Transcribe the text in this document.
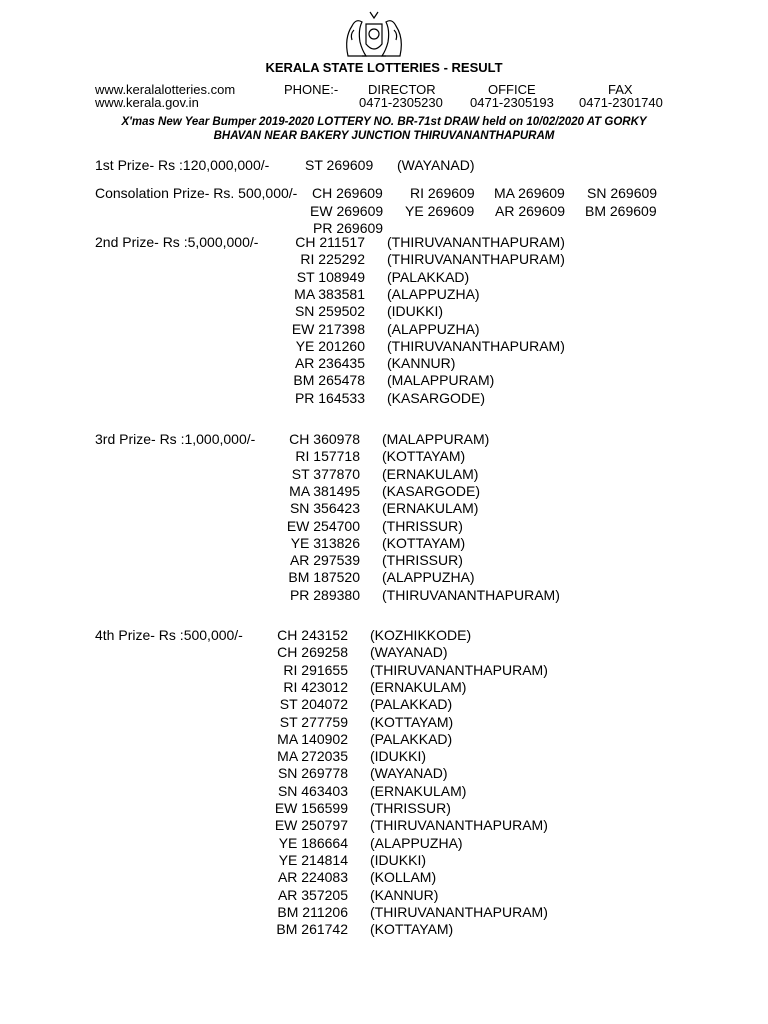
KERALA STATE LOTTERIES - RESULT
www.keralalotteries.com
www.kerala.gov.in
PHONE:- DIRECTOR
0471-2305230
OFFICE
0471-2305193
FAX
0471-2301740
X'mas New Year Bumper 2019-2020 LOTTERY NO. BR-71st DRAW held on 10/02/2020 AT GORKY
BHAVAN NEAR BAKERY JUNCTION THIRUVANANTHAPURAM
1st Prize- Rs :120,000,000/-	ST 269609 (WAYANAD)
Consolation Prize- Rs. 500,000/- CH 269609 RI 269609 MA 269609 SN 269609
EW 269609 YE 269609 AR 269609 BM 269609
PR 269609
2nd Prize- Rs :5,000,000/-
3rd Prize- Rs :1,000,000/-
4th Prize- Rs :500,000/-
CH 211517 (THIRUVANANTHAPURAM)
RI 225292 (THIRUVANANTHAPURAM)
ST 108949 (PALAKKAD)
MA 383581 (ALAPPUZHA)
SN 259502 (IDUKKI)
EW 217398 (ALAPPUZHA)
YE 201260 (THIRUVANANTHAPURAM)
AR 236435 (KANNUR)
BM 265478 (MALAPPURAM)
PR 164533 (KASARGODE)
CH 360978 (MALAPPURAM)
RI 157718 (KOTTAYAM)
ST 377870 (ERNAKULAM)
MA 381495 (KASARGODE)
SN 356423 (ERNAKULAM)
EW 254700 (THRISSUR)
YE 313826 (KOTTAYAM)
AR 297539 (THRISSUR)
BM 187520 (ALAPPUZHA)
PR 289380 (THIRUVANANTHAPURAM)
CH 243152 (KOZHIKKODE)
CH 269258 (WAYANAD)
RI 291655 (THIRUVANANTHAPURAM)
RI 423012 (ERNAKULAM)
ST 204072 (PALAKKAD)
ST 277759 (KOTTAYAM)
MA 140902 (PALAKKAD)
MA 272035 (IDUKKI)
SN 269778 (WAYANAD)
SN 463403 (ERNAKULAM)
EW 156599 (THRISSUR)
EW 250797 (THIRUVANANTHAPURAM)
YE 186664 (ALAPPUZHA)
YE 214814 (IDUKKI)
AR 224083 (KOLLAM)
AR 357205 (KANNUR)
BM 211206 (THIRUVANANTHAPURAM)
BM 261742 (KOTTAYAM)
